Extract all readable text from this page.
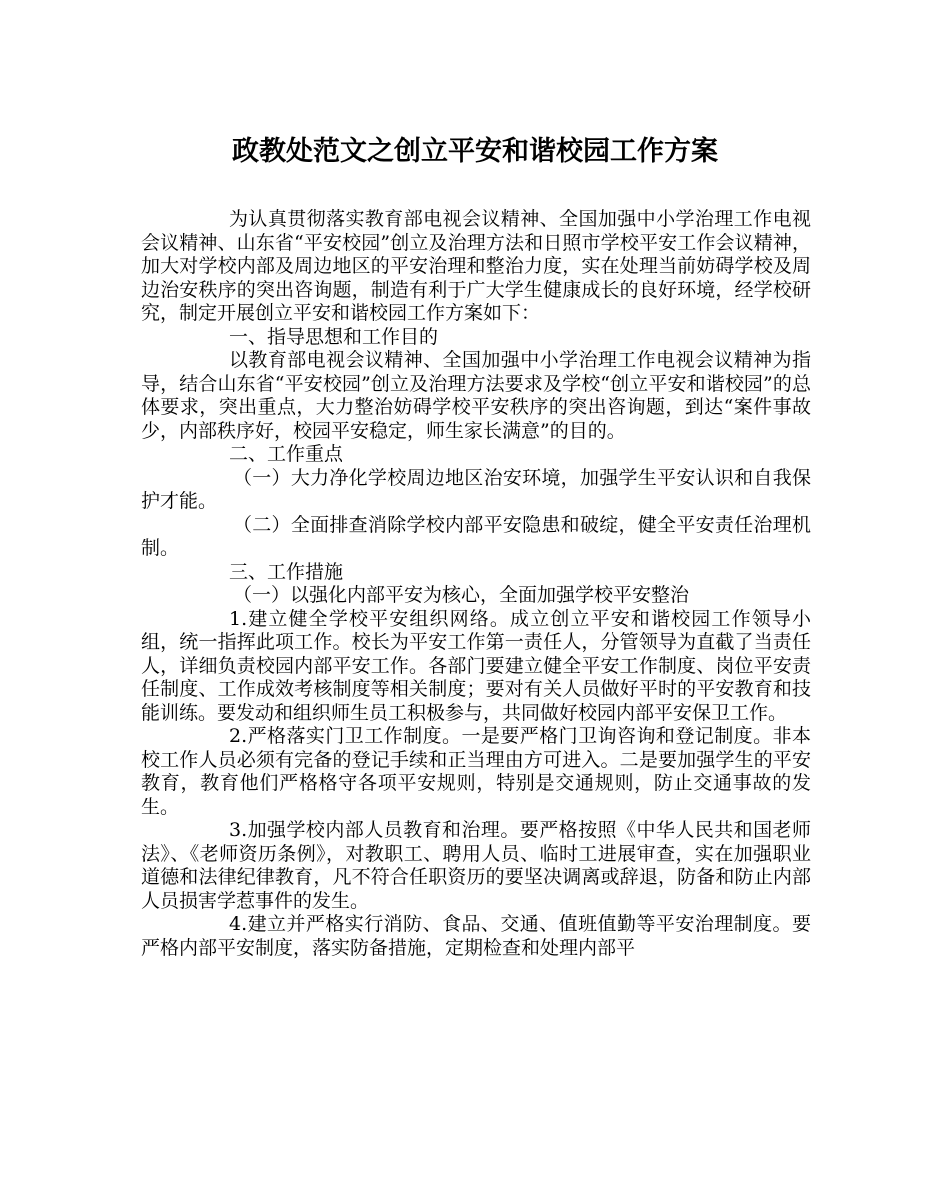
政教处范文之创立平安和谐校园工作方案

为认真贯彻落实教育部电视会议精神、全国加强中小学治理工作电视会议精神、山东省“平安校园”创立及治理方法和日照市学校平安工作会议精神，加大对学校内部及周边地区的平安治理和整治力度，实在处理当前妨碍学校及周边治安秩序的突出咨询题，制造有利于广大学生健康成长的良好环境，经学校研究，制定开展创立平安和谐校园工作方案如下：

一、指导思想和工作目的

以教育部电视会议精神、全国加强中小学治理工作电视会议精神为指导，结合山东省“平安校园”创立及治理方法要求及学校“创立平安和谐校园”的总体要求，突出重点，大力整治妨碍学校平安秩序的突出咨询题，到达“案件事故少，内部秩序好，校园平安稳定，师生家长满意”的目的。

二、工作重点

（一）大力净化学校周边地区治安环境，加强学生平安认识和自我保护才能。

（二）全面排查消除学校内部平安隐患和破绽，健全平安责任治理机制。

三、工作措施

（一）以强化内部平安为核心，全面加强学校平安整治

1.建立健全学校平安组织网络。成立创立平安和谐校园工作领导小组，统一指挥此项工作。校长为平安工作第一责任人，分管领导为直截了当责任人，详细负责校园内部平安工作。各部门要建立健全平安工作制度、岗位平安责任制度、工作成效考核制度等相关制度；要对有关人员做好平时的平安教育和技能训练。要发动和组织师生员工积极参与，共同做好校园内部平安保卫工作。

2.严格落实门卫工作制度。一是要严格门卫询咨询和登记制度。非本校工作人员必须有完备的登记手续和正当理由方可进入。二是要加强学生的平安教育，教育他们严格格守各项平安规则，特别是交通规则，防止交通事故的发生。

3.加强学校内部人员教育和治理。要严格按照《中华人民共和国老师法》、《老师资历条例》，对教职工、聘用人员、临时工进展审查，实在加强职业道德和法律纪律教育，凡不符合任职资历的要坚决调离或辞退，防备和防止内部人员损害学惹事件的发生。

4.建立并严格实行消防、食品、交通、值班值勤等平安治理制度。要严格内部平安制度，落实防备措施，定期检查和处理内部平
